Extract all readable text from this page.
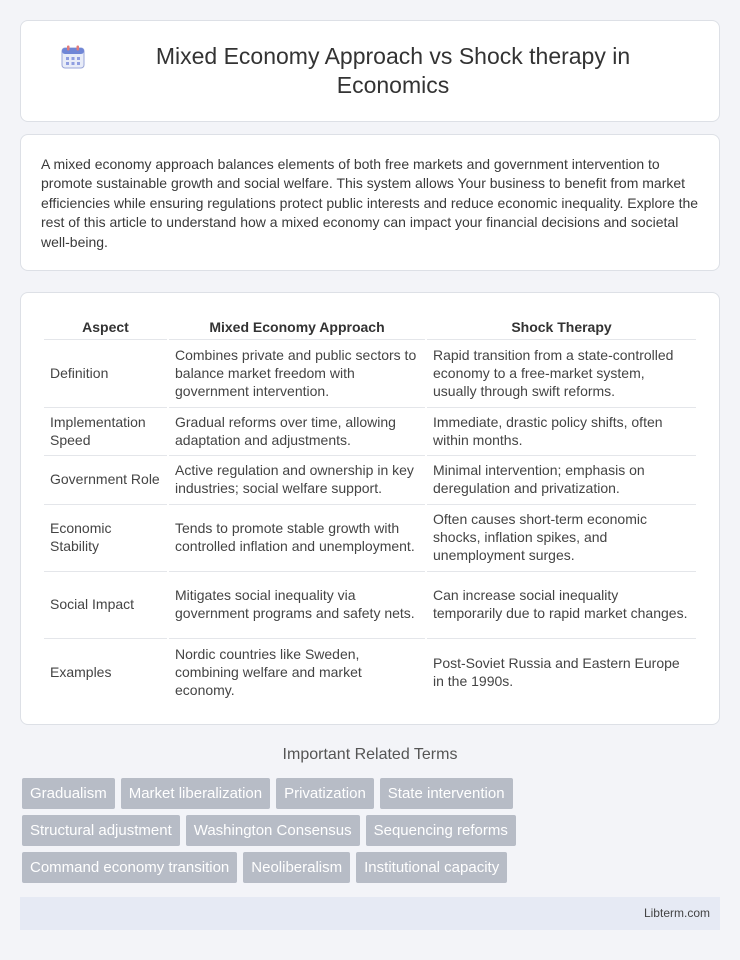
Mixed Economy Approach vs Shock therapy in Economics

A mixed economy approach balances elements of both free markets and government intervention to promote sustainable growth and social welfare. This system allows Your business to benefit from market efficiencies while ensuring regulations protect public interests and reduce economic inequality. Explore the rest of this article to understand how a mixed economy can impact your financial decisions and societal well-being.

Aspect	Mixed Economy Approach	Shock Therapy
Definition	Combines private and public sectors to balance market freedom with government intervention.	Rapid transition from a state-controlled economy to a free-market system, usually through swift reforms.
Implementation Speed	Gradual reforms over time, allowing adaptation and adjustments.	Immediate, drastic policy shifts, often within months.
Government Role	Active regulation and ownership in key industries; social welfare support.	Minimal intervention; emphasis on deregulation and privatization.
Economic Stability	Tends to promote stable growth with controlled inflation and unemployment.	Often causes short-term economic shocks, inflation spikes, and unemployment surges.
Social Impact	Mitigates social inequality via government programs and safety nets.	Can increase social inequality temporarily due to rapid market changes.
Examples	Nordic countries like Sweden, combining welfare and market economy.	Post-Soviet Russia and Eastern Europe in the 1990s.
Important Related Terms
Gradualism	Market liberalization	Privatization	State intervention
Structural adjustment	Washington Consensus	Sequencing reforms
Command economy transition	Neoliberalism	Institutional capacity
Libterm.com
